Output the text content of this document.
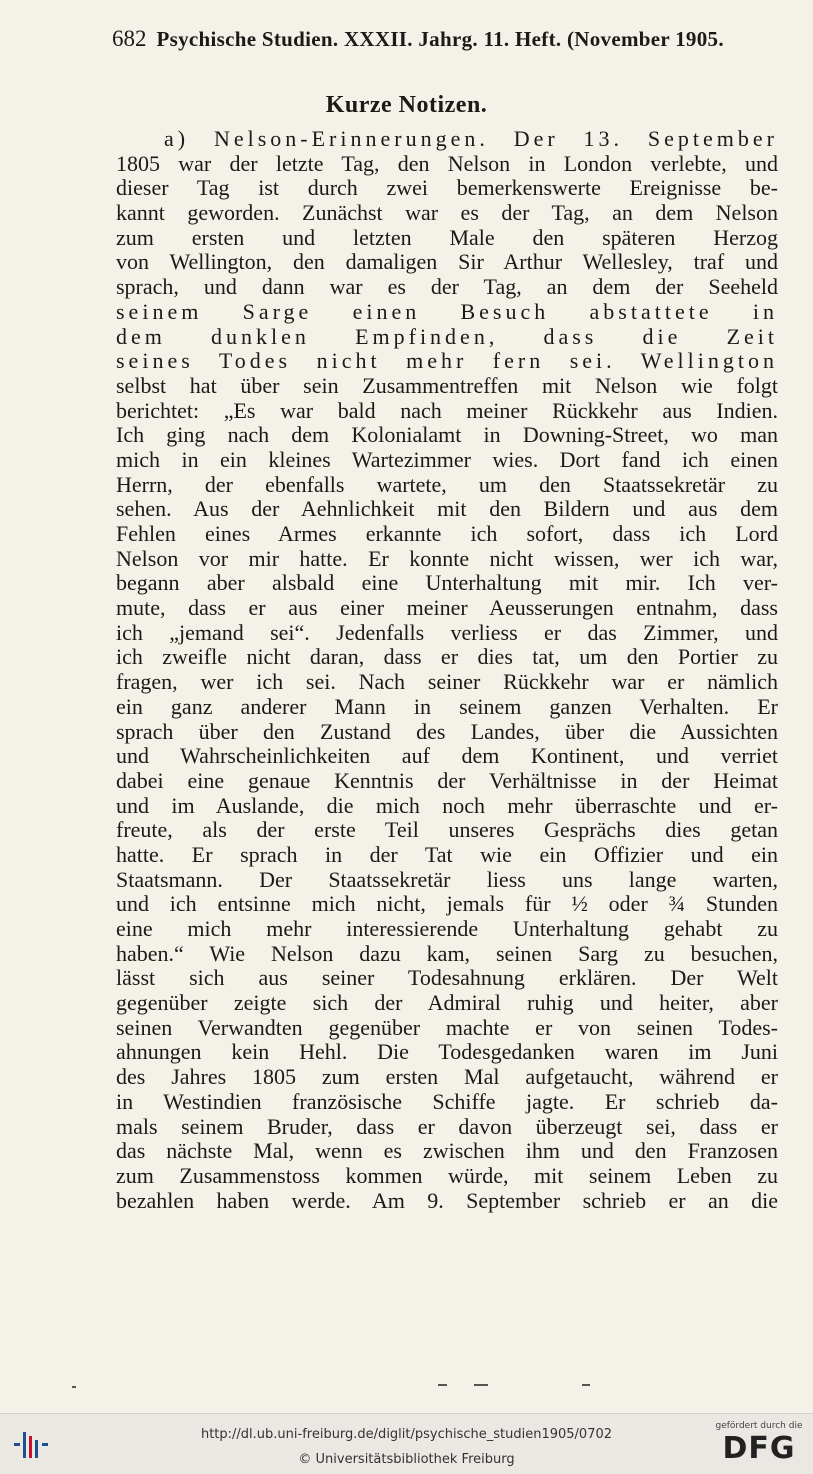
682 Psychische Studien. XXXII. Jahrg. 11. Heft. (November 1905.
Kurze Notizen.
a) Nelson-Erinnerungen. Der 13. September
1805 war der letzte Tag, den Nelson in London verlebte, und
dieser Tag ist durch zwei bemerkenswerte Ereignisse be-
kannt geworden. Zunächst war es der Tag, an dem Nelson
zum ersten und letzten Male den späteren Herzog
von Wellington, den damaligen Sir Arthur Wellesley, traf und
sprach, und dann war es der Tag, an dem der Seeheld
seinem Sarge einen Besuch abstattete in
dem dunklen Empfinden, dass die Zeit
seines Todes nicht mehr fern sei. Wellington
selbst hat über sein Zusammentreffen mit Nelson wie folgt
berichtet: „Es war bald nach meiner Rückkehr aus Indien.
Ich ging nach dem Kolonialamt in Downing-Street, wo man
mich in ein kleines Wartezimmer wies. Dort fand ich einen
Herrn, der ebenfalls wartete, um den Staatssekretär zu
sehen. Aus der Aehnlichkeit mit den Bildern und aus dem
Fehlen eines Armes erkannte ich sofort, dass ich Lord
Nelson vor mir hatte. Er konnte nicht wissen, wer ich war,
begann aber alsbald eine Unterhaltung mit mir. Ich ver-
mute, dass er aus einer meiner Aeusserungen entnahm, dass
ich „jemand sei“. Jedenfalls verliess er das Zimmer, und
ich zweifle nicht daran, dass er dies tat, um den Portier zu
fragen, wer ich sei. Nach seiner Rückkehr war er nämlich
ein ganz anderer Mann in seinem ganzen Verhalten. Er
sprach über den Zustand des Landes, über die Aussichten
und Wahrscheinlichkeiten auf dem Kontinent, und verriet
dabei eine genaue Kenntnis der Verhältnisse in der Heimat
und im Auslande, die mich noch mehr überraschte und er-
freute, als der erste Teil unseres Gesprächs dies getan
hatte. Er sprach in der Tat wie ein Offizier und ein
Staatsmann. Der Staatssekretär liess uns lange warten,
und ich entsinne mich nicht, jemals für ½ oder ¾ Stunden
eine mich mehr interessierende Unterhaltung gehabt zu
haben.“ Wie Nelson dazu kam, seinen Sarg zu besuchen,
lässt sich aus seiner Todesahnung erklären. Der Welt
gegenüber zeigte sich der Admiral ruhig und heiter, aber
seinen Verwandten gegenüber machte er von seinen Todes-
ahnungen kein Hehl. Die Todesgedanken waren im Juni
des Jahres 1805 zum ersten Mal aufgetaucht, während er
in Westindien französische Schiffe jagte. Er schrieb da-
mals seinem Bruder, dass er davon überzeugt sei, dass er
das nächste Mal, wenn es zwischen ihm und den Franzosen
zum Zusammenstoss kommen würde, mit seinem Leben zu
bezahlen haben werde. Am 9. September schrieb er an die
http://dl.ub.uni-freiburg.de/diglit/psychische_studien1905/0702
© Universitätsbibliothek Freiburg
gefördert durch die
DFG
